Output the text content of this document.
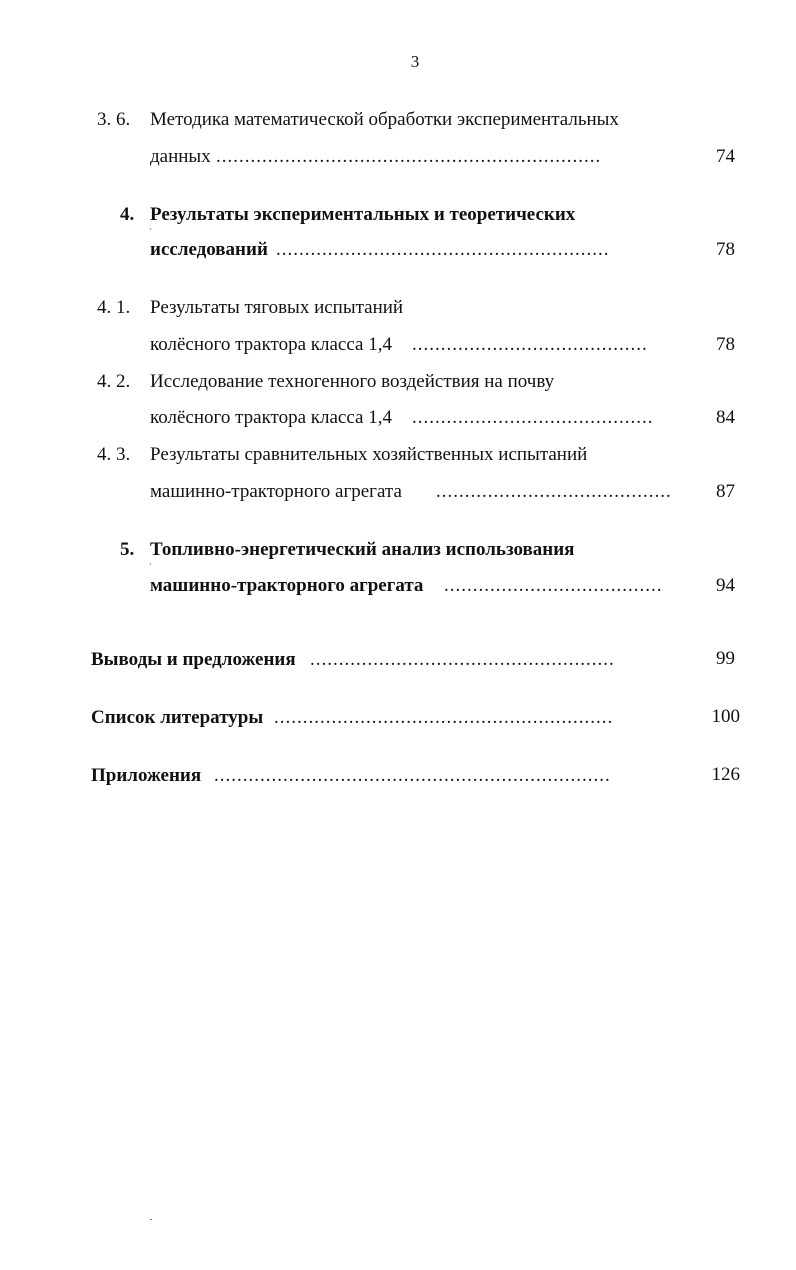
3
3. 6. Методика математической обработки экспериментальных
данных ...................................................................	74
4. Результаты экспериментальных и теоретических
`
исследований ..........................................................	78
4. 1. Результаты тяговых испытаний
колёсного трактора класса 1,4 .........................................	78
4. 2. Исследование техногенного воздействия на почву
колёсного трактора класса 1,4 ..........................................	84
4. 3. Результаты сравнительных хозяйственных испытаний
машинно-тракторного агрегата .........................................	87
5. Топливно-энергетический анализ использования
`
машинно-тракторного агрегата ......................................	94
Выводы и предложения .....................................................	99
Список литературы ...........................................................	100
Приложения .....................................................................	126
